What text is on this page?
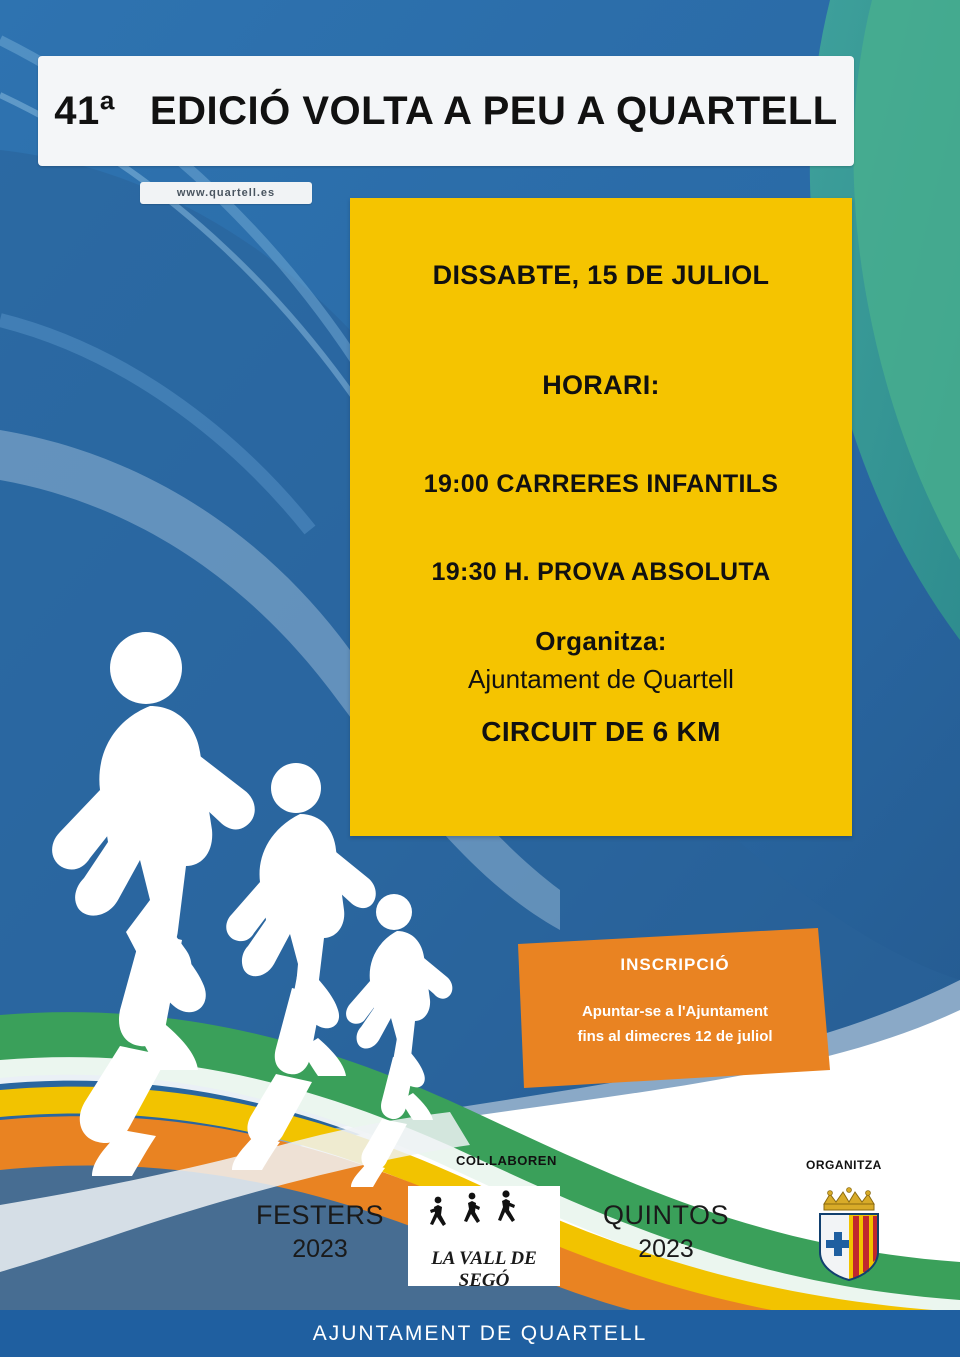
41ª EDICIÓ VOLTA A PEU A QUARTELL
www.quartell.es
DISSABTE, 15 DE JULIOL
HORARI:
19:00 CARRERES INFANTILS
19:30 H. PROVA ABSOLUTA
Organitza:
Ajuntament de Quartell
CIRCUIT DE 6 KM
INSCRIPCIÓ
Apuntar-se a l'Ajuntament
fins al dimecres 12 de juliol
COL.LABOREN	ORGANITZA
FESTERS
2023	LA VALL DE SEGÓ
QUINTOS
2023
AJUNTAMENT DE QUARTELL
